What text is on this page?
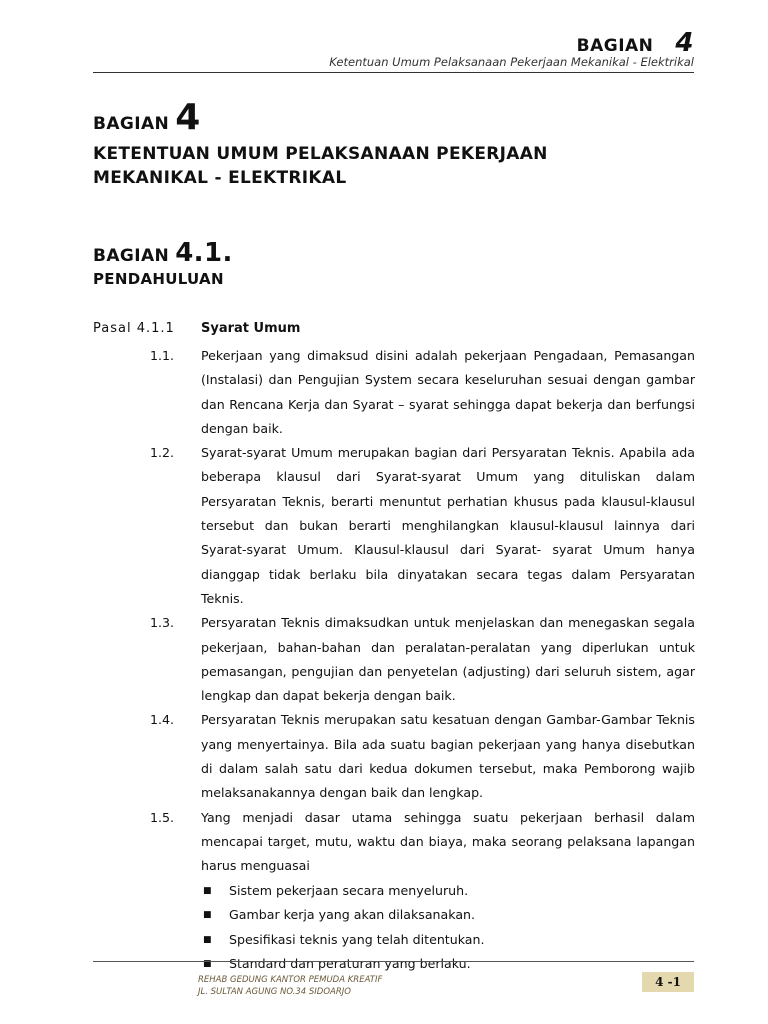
BAGIAN 4
Ketentuan Umum Pelaksanaan Pekerjaan Mekanikal - Elektrikal
BAGIAN 4
KETENTUAN UMUM PELAKSANAAN PEKERJAAN
MEKANIKAL - ELEKTRIKAL
BAGIAN 4.1.
PENDAHULUAN
Pasal 4.1.1	Syarat Umum
1.1.	Pekerjaan yang dimaksud disini adalah pekerjaan Pengadaan, Pemasangan (Instalasi) dan Pengujian System secara keseluruhan sesuai dengan gambar dan Rencana Kerja dan Syarat – syarat sehingga dapat bekerja dan berfungsi dengan baik.
1.2.	Syarat-syarat Umum merupakan bagian dari Persyaratan Teknis. Apabila ada beberapa klausul dari Syarat-syarat Umum yang dituliskan dalam Persyaratan Teknis, berarti menuntut perhatian khusus pada klausul-klausul tersebut dan bukan berarti menghilangkan klausul-klausul lainnya dari Syarat-syarat Umum. Klausul-klausul dari Syarat- syarat Umum hanya dianggap tidak berlaku bila dinyatakan secara tegas dalam Persyaratan Teknis.
1.3.	Persyaratan Teknis dimaksudkan untuk menjelaskan dan menegaskan segala pekerjaan, bahan-bahan dan peralatan-peralatan yang diperlukan untuk pemasangan, pengujian dan penyetelan (adjusting) dari seluruh sistem, agar lengkap dan dapat bekerja dengan baik.
1.4.	Persyaratan Teknis merupakan satu kesatuan dengan Gambar-Gambar Teknis yang menyertainya. Bila ada suatu bagian pekerjaan yang hanya disebutkan di dalam salah satu dari kedua dokumen tersebut, maka Pemborong wajib melaksanakannya dengan baik dan lengkap.
1.5.	Yang menjadi dasar utama sehingga suatu pekerjaan berhasil dalam mencapai target, mutu, waktu dan biaya, maka seorang pelaksana lapangan harus menguasai
■	Sistem pekerjaan secara menyeluruh.
■	Gambar kerja yang akan dilaksanakan.
■	Spesifikasi teknis yang telah ditentukan.
■	Standard dan peraturan yang berlaku.
REHAB GEDUNG KANTOR PEMUDA KREATIF
JL. SULTAN AGUNG NO.34 SIDOARJO
4 -1
